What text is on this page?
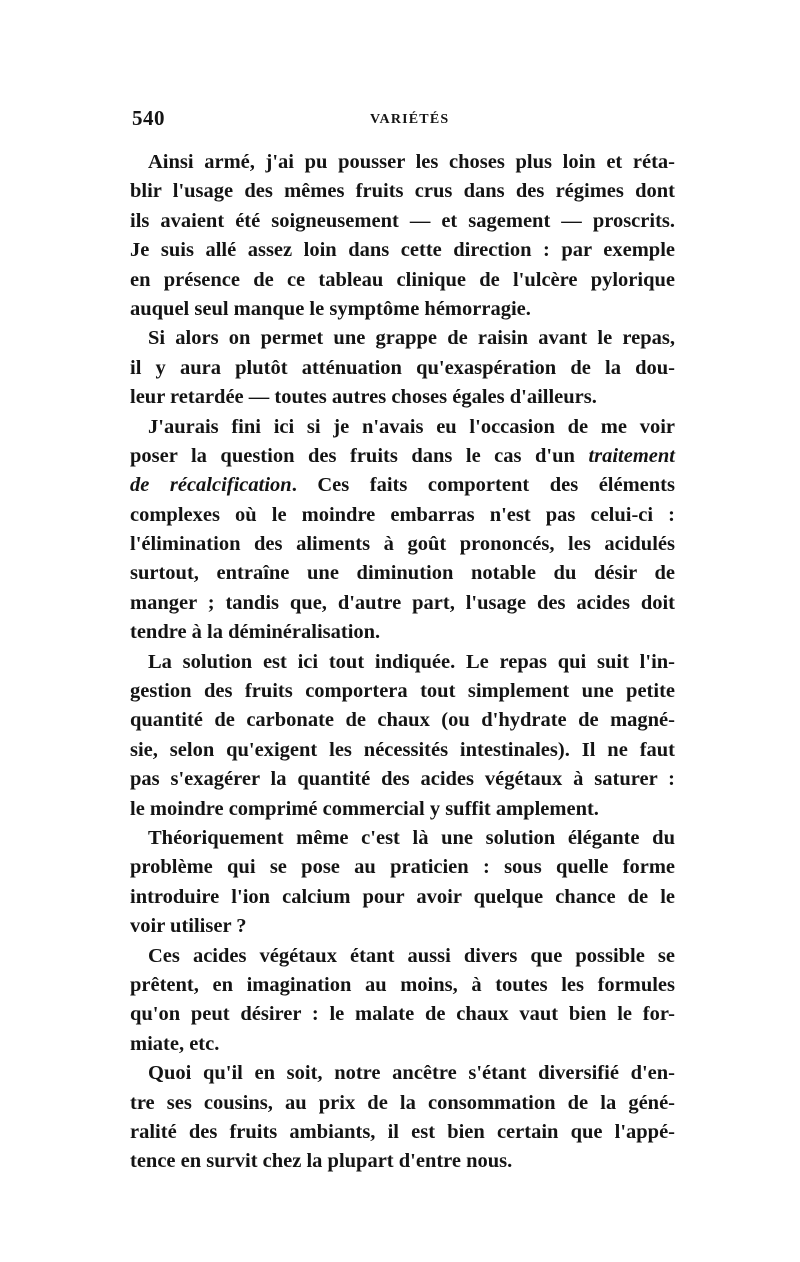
540	VARIÉTÉS
Ainsi armé, j'ai pu pousser les choses plus loin et réta-
blir l'usage des mêmes fruits crus dans des régimes dont
ils avaient été soigneusement — et sagement — proscrits.
Je suis allé assez loin dans cette direction : par exemple
en présence de ce tableau clinique de l'ulcère pylorique
auquel seul manque le symptôme hémorragie.
Si alors on permet une grappe de raisin avant le repas,
il y aura plutôt atténuation qu'exaspération de la dou-
leur retardée — toutes autres choses égales d'ailleurs.
J'aurais fini ici si je n'avais eu l'occasion de me voir
poser la question des fruits dans le cas d'un traitement
de récalcification. Ces faits comportent des éléments
complexes où le moindre embarras n'est pas celui-ci :
l'élimination des aliments à goût prononcés, les acidulés
surtout, entraîne une diminution notable du désir de
manger ; tandis que, d'autre part, l'usage des acides doit
tendre à la déminéralisation.
La solution est ici tout indiquée. Le repas qui suit l'in-
gestion des fruits comportera tout simplement une petite
quantité de carbonate de chaux (ou d'hydrate de magné-
sie, selon qu'exigent les nécessités intestinales). Il ne faut
pas s'exagérer la quantité des acides végétaux à saturer :
le moindre comprimé commercial y suffit amplement.
Théoriquement même c'est là une solution élégante du
problème qui se pose au praticien : sous quelle forme
introduire l'ion calcium pour avoir quelque chance de le
voir utiliser ?
Ces acides végétaux étant aussi divers que possible se
prêtent, en imagination au moins, à toutes les formules
qu'on peut désirer : le malate de chaux vaut bien le for-
miate, etc.
Quoi qu'il en soit, notre ancêtre s'étant diversifié d'en-
tre ses cousins, au prix de la consommation de la géné-
ralité des fruits ambiants, il est bien certain que l'appé-
tence en survit chez la plupart d'entre nous.
